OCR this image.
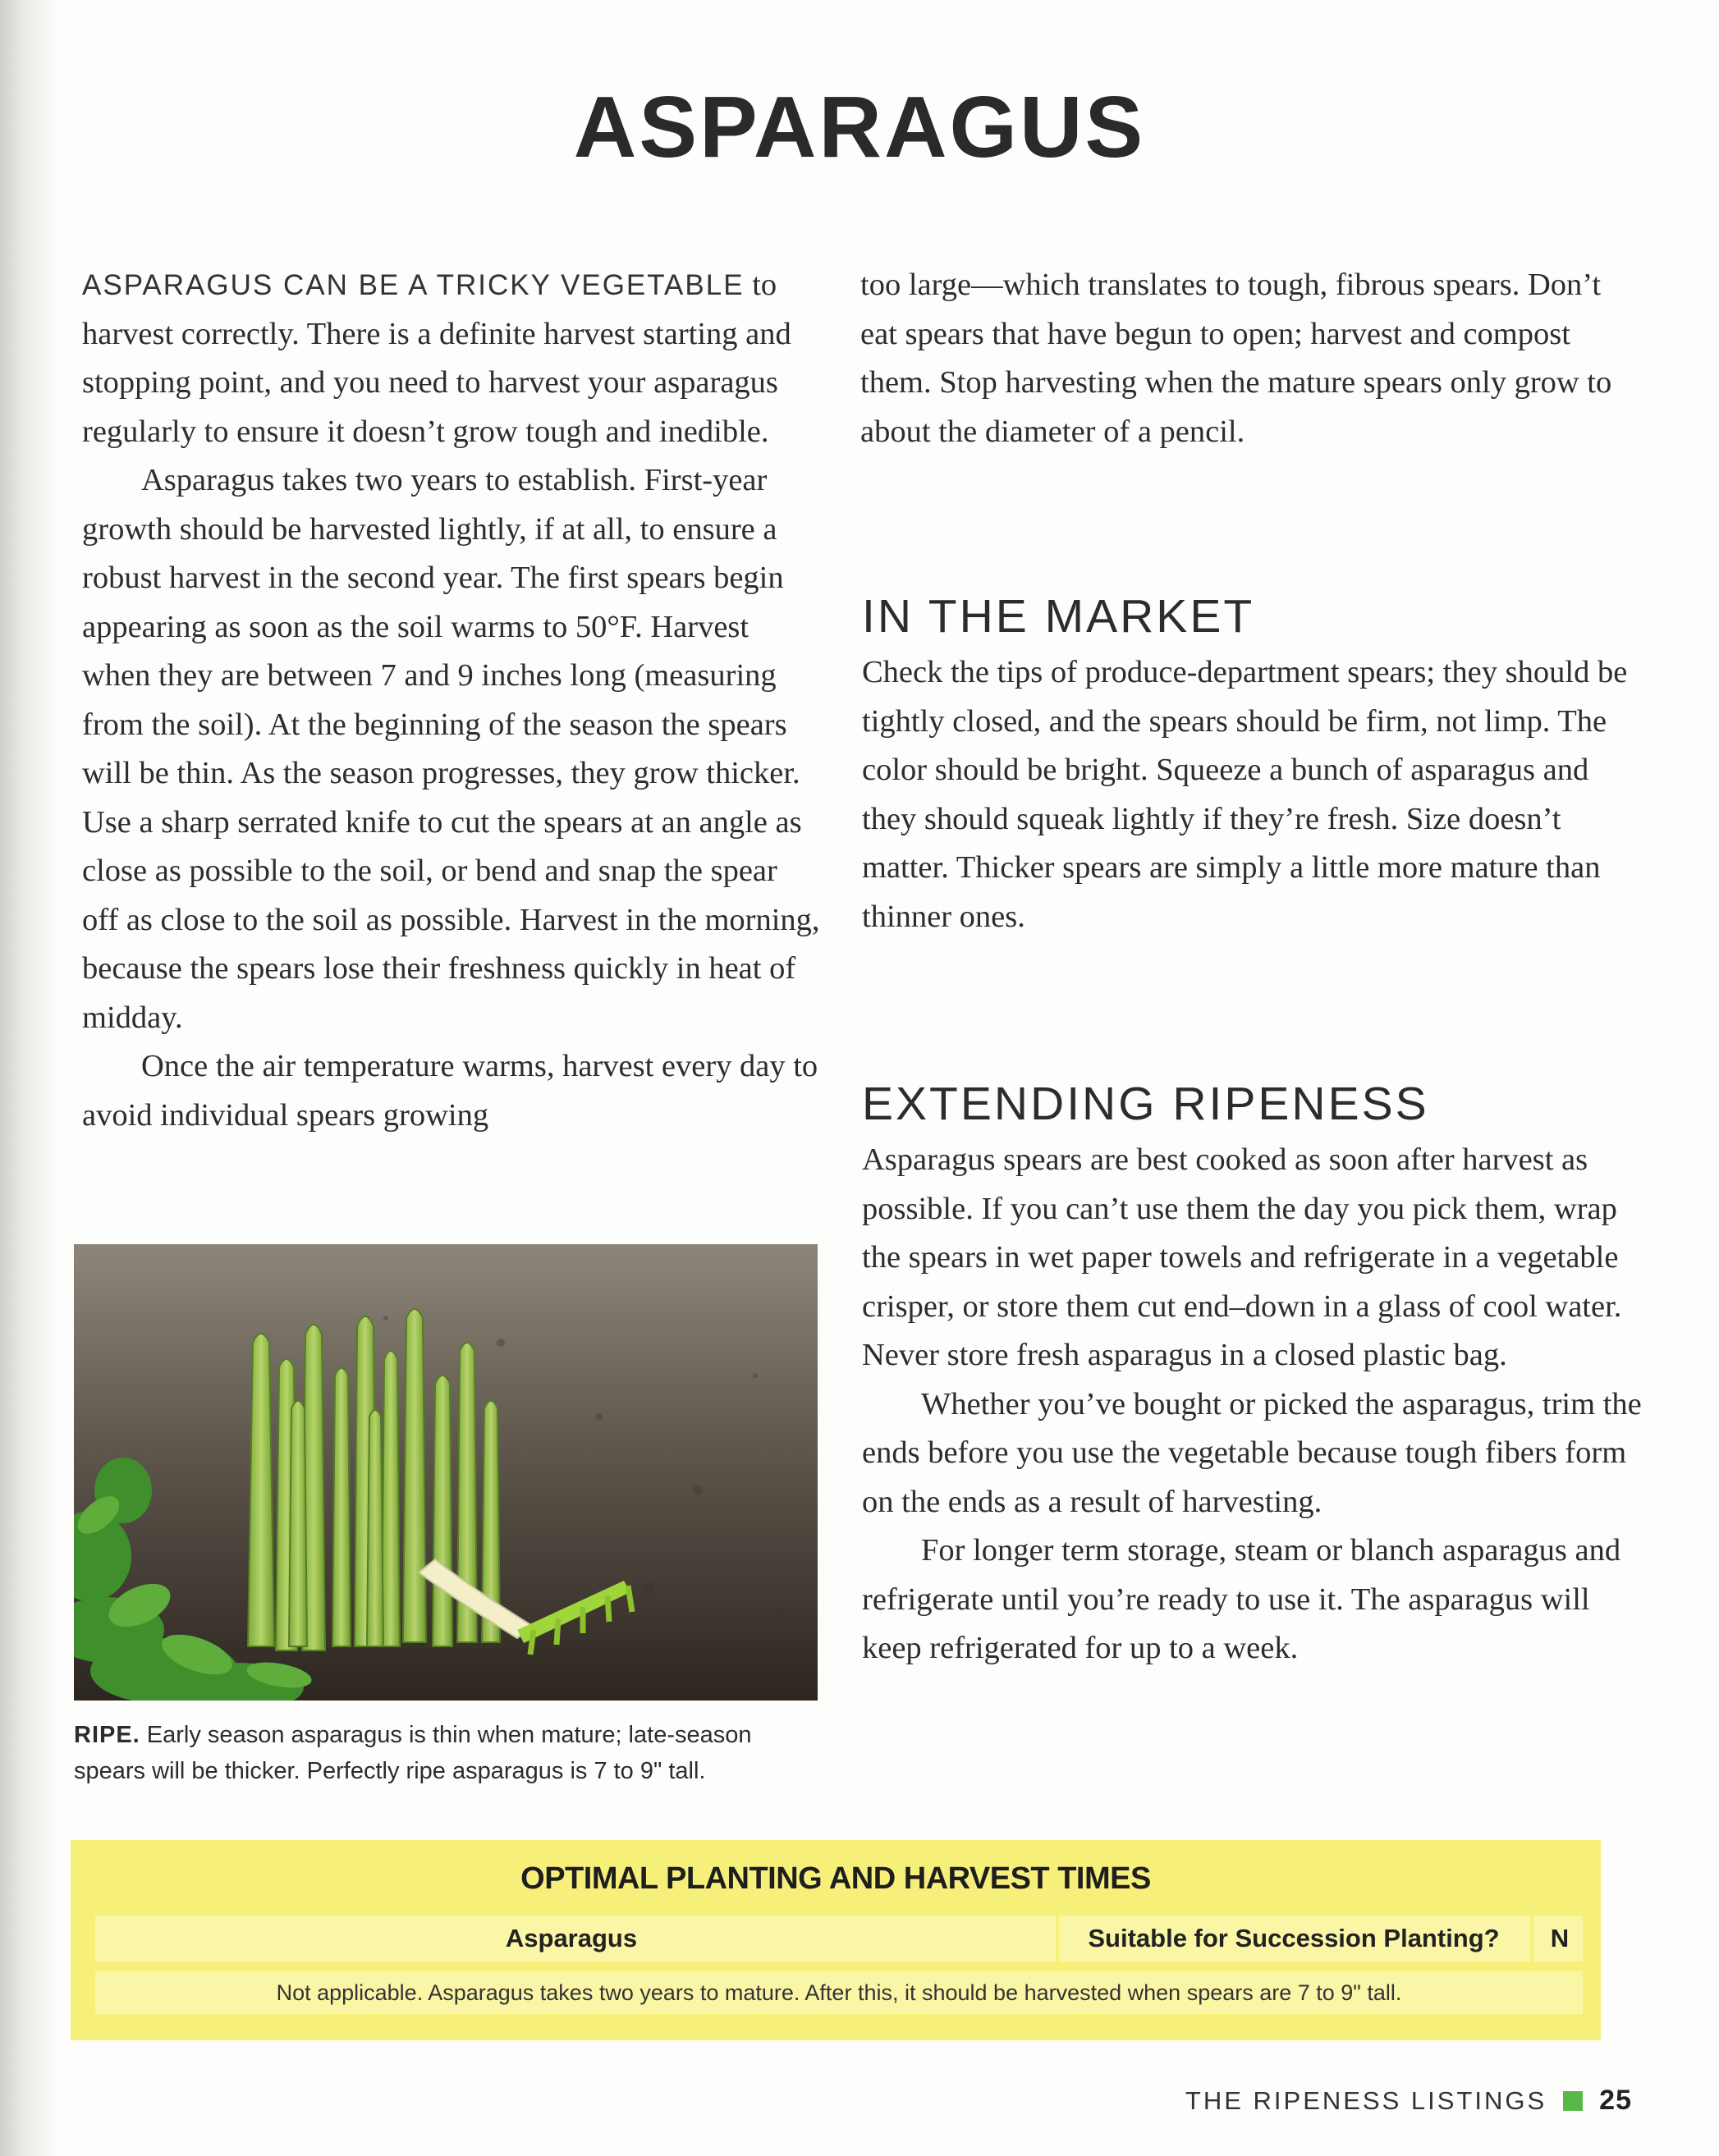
ASPARAGUS

ASPARAGUS CAN BE A TRICKY VEGETABLE to harvest correctly. There is a definite harvest starting and stopping point, and you need to harvest your asparagus regularly to ensure it doesn’t grow tough and inedible.

Asparagus takes two years to establish. First-year growth should be harvested lightly, if at all, to ensure a robust harvest in the second year. The first spears begin appearing as soon as the soil warms to 50°F. Harvest when they are between 7 and 9 inches long (measuring from the soil). At the beginning of the season the spears will be thin. As the season progresses, they grow thicker. Use a sharp serrated knife to cut the spears at an angle as close as possible to the soil, or bend and snap the spear off as close to the soil as possible. Harvest in the morning, because the spears lose their freshness quickly in heat of midday.

Once the air temperature warms, harvest every day to avoid individual spears growing

RIPE. Early season asparagus is thin when mature; late-season spears will be thicker. Perfectly ripe asparagus is 7 to 9" tall.

too large—which translates to tough, fibrous spears. Don’t eat spears that have begun to open; harvest and compost them. Stop harvesting when the mature spears only grow to about the diameter of a pencil.

IN THE MARKET

Check the tips of produce-department spears; they should be tightly closed, and the spears should be firm, not limp. The color should be bright. Squeeze a bunch of asparagus and they should squeak lightly if they’re fresh. Size doesn’t matter. Thicker spears are simply a little more mature than thinner ones.

EXTENDING RIPENESS

Asparagus spears are best cooked as soon after harvest as possible. If you can’t use them the day you pick them, wrap the spears in wet paper towels and refrigerate in a vegetable crisper, or store them cut end–down in a glass of cool water. Never store fresh asparagus in a closed plastic bag.

Whether you’ve bought or picked the asparagus, trim the ends before you use the vegetable because tough fibers form on the ends as a result of harvesting.

For longer term storage, steam or blanch asparagus and refrigerate until you’re ready to use it. The asparagus will keep refrigerated for up to a week.

OPTIMAL PLANTING AND HARVEST TIMES
Asparagus	Suitable for Succession Planting?	N
Not applicable. Asparagus takes two years to mature. After this, it should be harvested when spears are 7 to 9" tall.
THE RIPENESS LISTINGS 25
